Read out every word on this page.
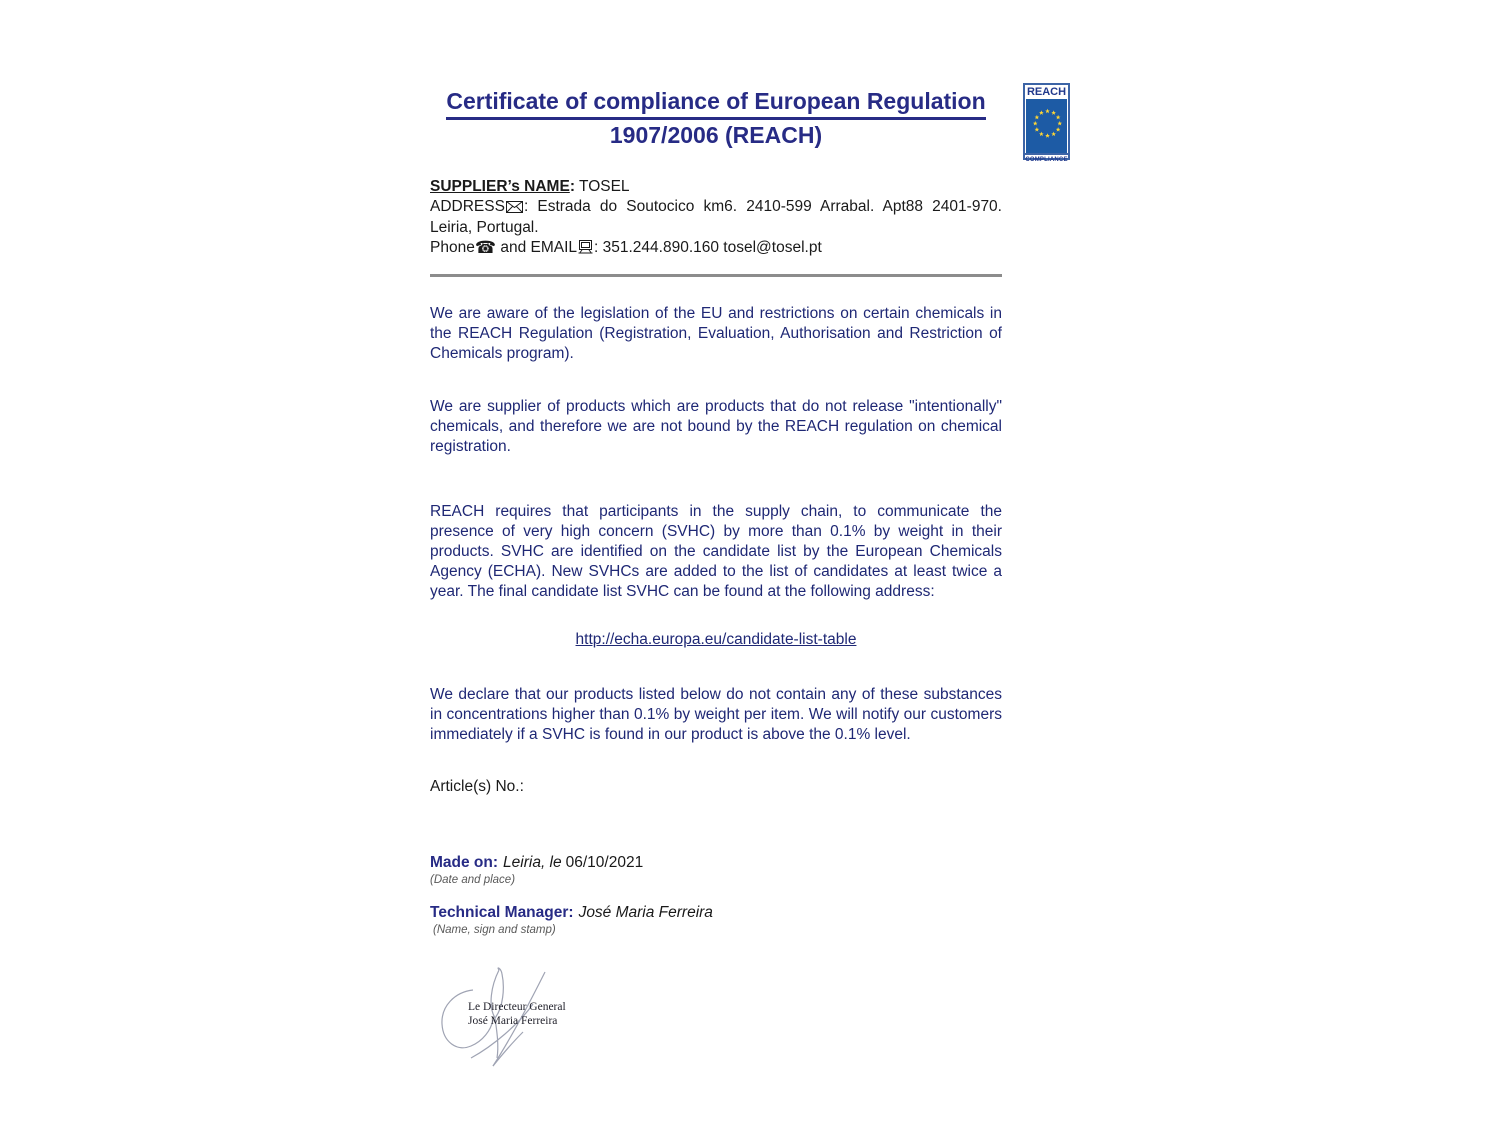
REACH
COMPLIANCE
Certificate of compliance of European Regulation
1907/2006 (REACH)
SUPPLIER’s NAME: TOSEL
ADDRESS : Estrada do Soutocico km6. 2410-599 Arrabal. Apt88 2401-970. Leiria, Portugal.
Phone☎ and EMAIL : 351.244.890.160 tosel@tosel.pt

We are aware of the legislation of the EU and restrictions on certain chemicals in the REACH Regulation (Registration, Evaluation, Authorisation and Restriction of Chemicals program).

We are supplier of products which are products that do not release "intentionally" chemicals, and therefore we are not bound by the REACH regulation on chemical registration.

REACH requires that participants in the supply chain, to communicate the presence of very high concern (SVHC) by more than 0.1% by weight in their products. SVHC are identified on the candidate list by the European Chemicals Agency (ECHA). New SVHCs are added to the list of candidates at least twice a year. The final candidate list SVHC can be found at the following address:

http://echa.europa.eu/candidate-list-table

We declare that our products listed below do not contain any of these substances in concentrations higher than 0.1% by weight per item. We will notify our customers immediately if a SVHC is found in our product is above the 0.1% level.

Article(s) No.:
Made on: Leiria, le 06/10/2021
(Date and place)
Technical Manager: José Maria Ferreira
(Name, sign and stamp)
Le Directeur General
José Maria Ferreira
